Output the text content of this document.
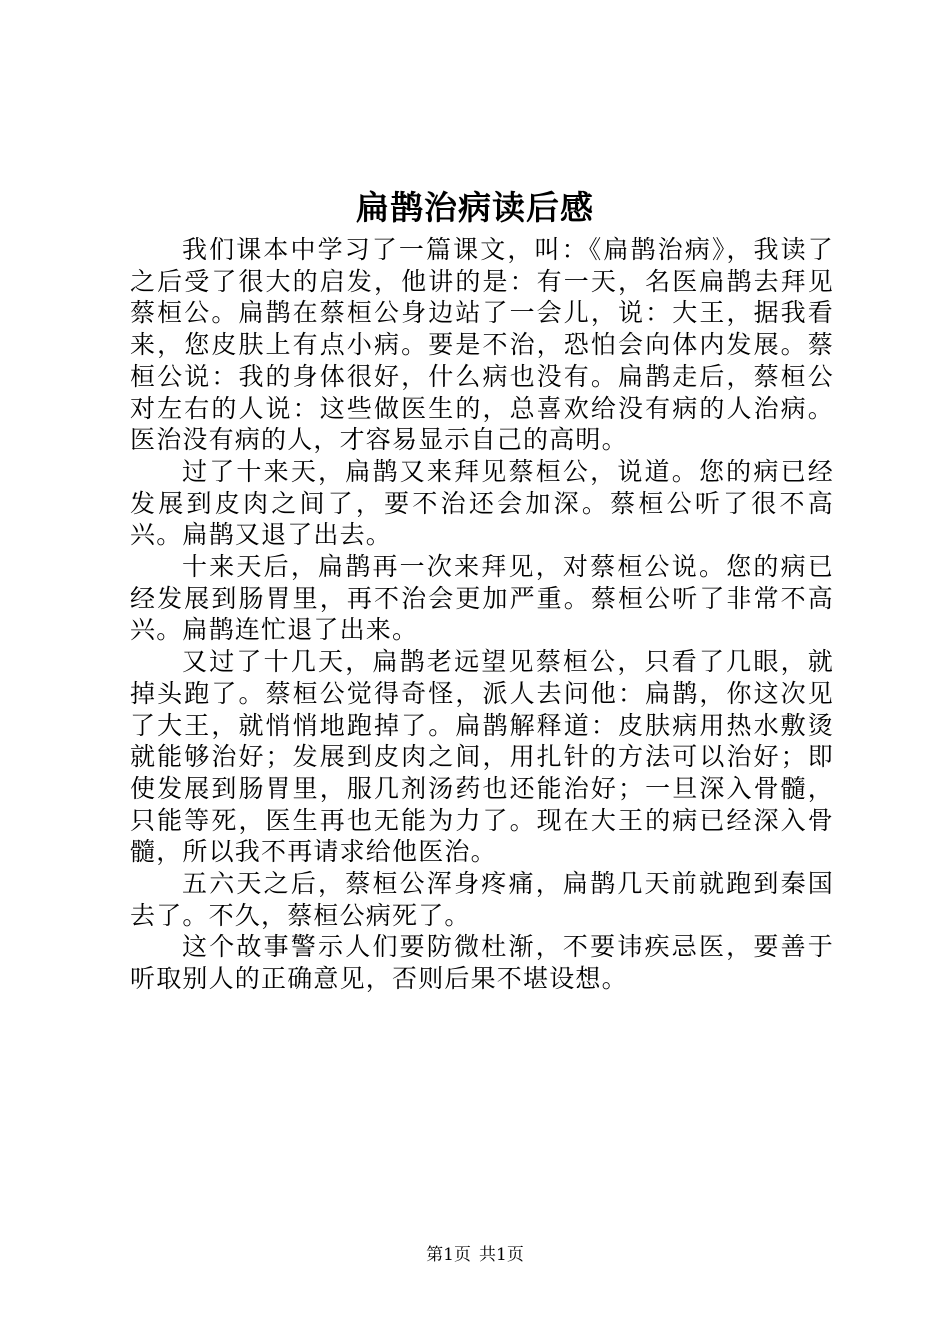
扁鹊治病读后感

我们课本中学习了一篇课文，叫：《扁鹊治病》，我读了之后受了很大的启发，他讲的是：有一天，名医扁鹊去拜见蔡桓公。扁鹊在蔡桓公身边站了一会儿，说：大王，据我看来，您皮肤上有点小病。要是不治，恐怕会向体内发展。蔡桓公说：我的身体很好，什么病也没有。扁鹊走后，蔡桓公对左右的人说：这些做医生的，总喜欢给没有病的人治病。医治没有病的人，才容易显示自己的高明。

过了十来天，扁鹊又来拜见蔡桓公，说道。您的病已经发展到皮肉之间了，要不治还会加深。蔡桓公听了很不高兴。扁鹊又退了出去。

十来天后，扁鹊再一次来拜见，对蔡桓公说。您的病已经发展到肠胃里，再不治会更加严重。蔡桓公听了非常不高兴。扁鹊连忙退了出来。

又过了十几天，扁鹊老远望见蔡桓公，只看了几眼，就掉头跑了。蔡桓公觉得奇怪，派人去问他：扁鹊，你这次见了大王，就悄悄地跑掉了。扁鹊解释道：皮肤病用热水敷烫就能够治好；发展到皮肉之间，用扎针的方法可以治好；即使发展到肠胃里，服几剂汤药也还能治好；一旦深入骨髓，只能等死，医生再也无能为力了。现在大王的病已经深入骨髓，所以我不再请求给他医治。

五六天之后，蔡桓公浑身疼痛，扁鹊几天前就跑到秦国去了。不久，蔡桓公病死了。

这个故事警示人们要防微杜渐，不要讳疾忌医，要善于听取别人的正确意见，否则后果不堪设想。

第1页 共1页
